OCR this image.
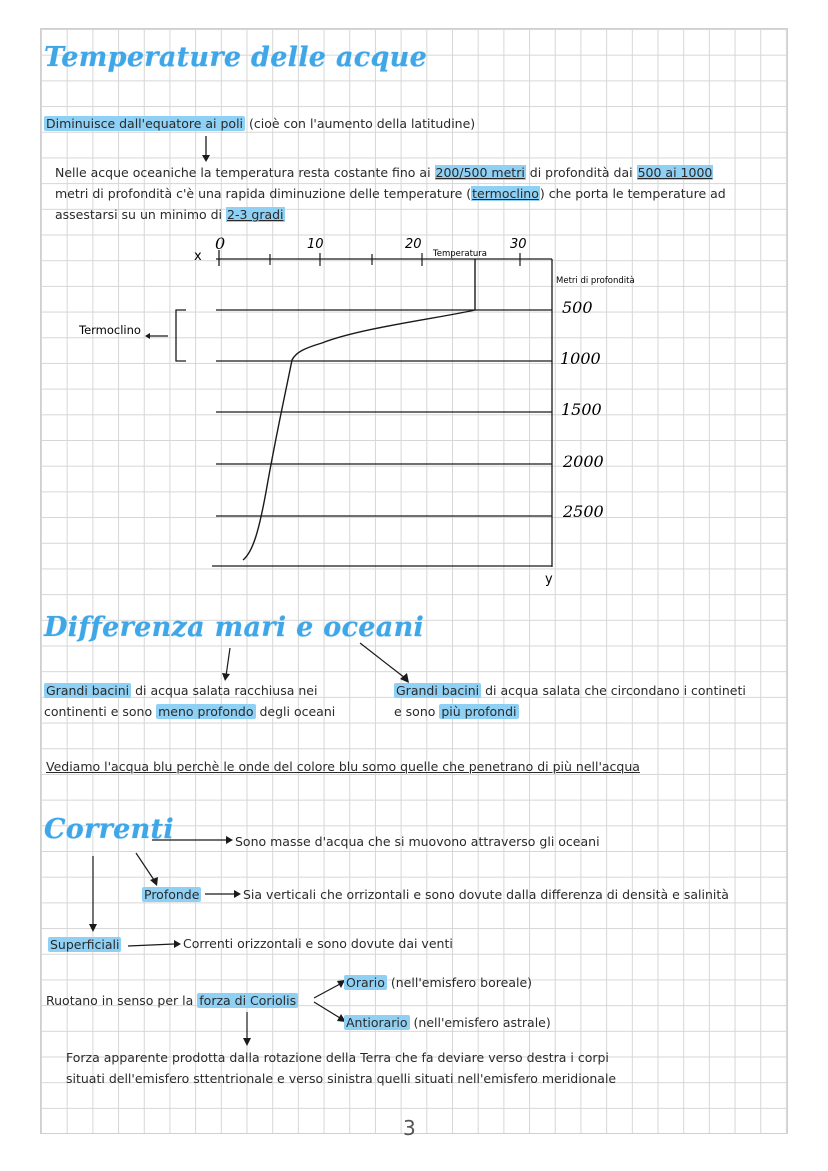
Temperature delle acque
Diminuisce dall'equatore ai poli (cioè con l'aumento della latitudine)
Nelle acque oceaniche la temperatura resta costante fino ai 200/500 metri di profondità dai 500 ai 1000
metri di profondità c'è una rapida diminuzione delle temperature (termoclino) che porta le temperature ad
assestarsi su un minimo di 2-3 gradi
x
0	10	20
Temperatura
30
Metri di profondità
y
500
1000
1500
2000
2500
Termoclino
Differenza mari e oceani
Grandi bacini di acqua salata racchiusa nei
continenti e sono meno profondo degli oceani
Grandi bacini di acqua salata che circondano i contineti
e sono più profondi
Vediamo l'acqua blu perchè le onde del colore blu somo quelle che penetrano di più nell'acqua
Correnti	Sono masse d'acqua che si muovono attraverso gli oceani
Profonde	Sia verticali che orrizontali e sono dovute dalla differenza di densità e salinità
Superficiali	Correnti orizzontali e sono dovute dai venti
Ruotano in senso per la forza di Coriolis
Orario (nell'emisfero boreale)
Antiorario (nell'emisfero astrale)
Forza apparente prodotta dalla rotazione della Terra che fa deviare verso destra i corpi
situati dell'emisfero sttentrionale e verso sinistra quelli situati nell'emisfero meridionale
3
